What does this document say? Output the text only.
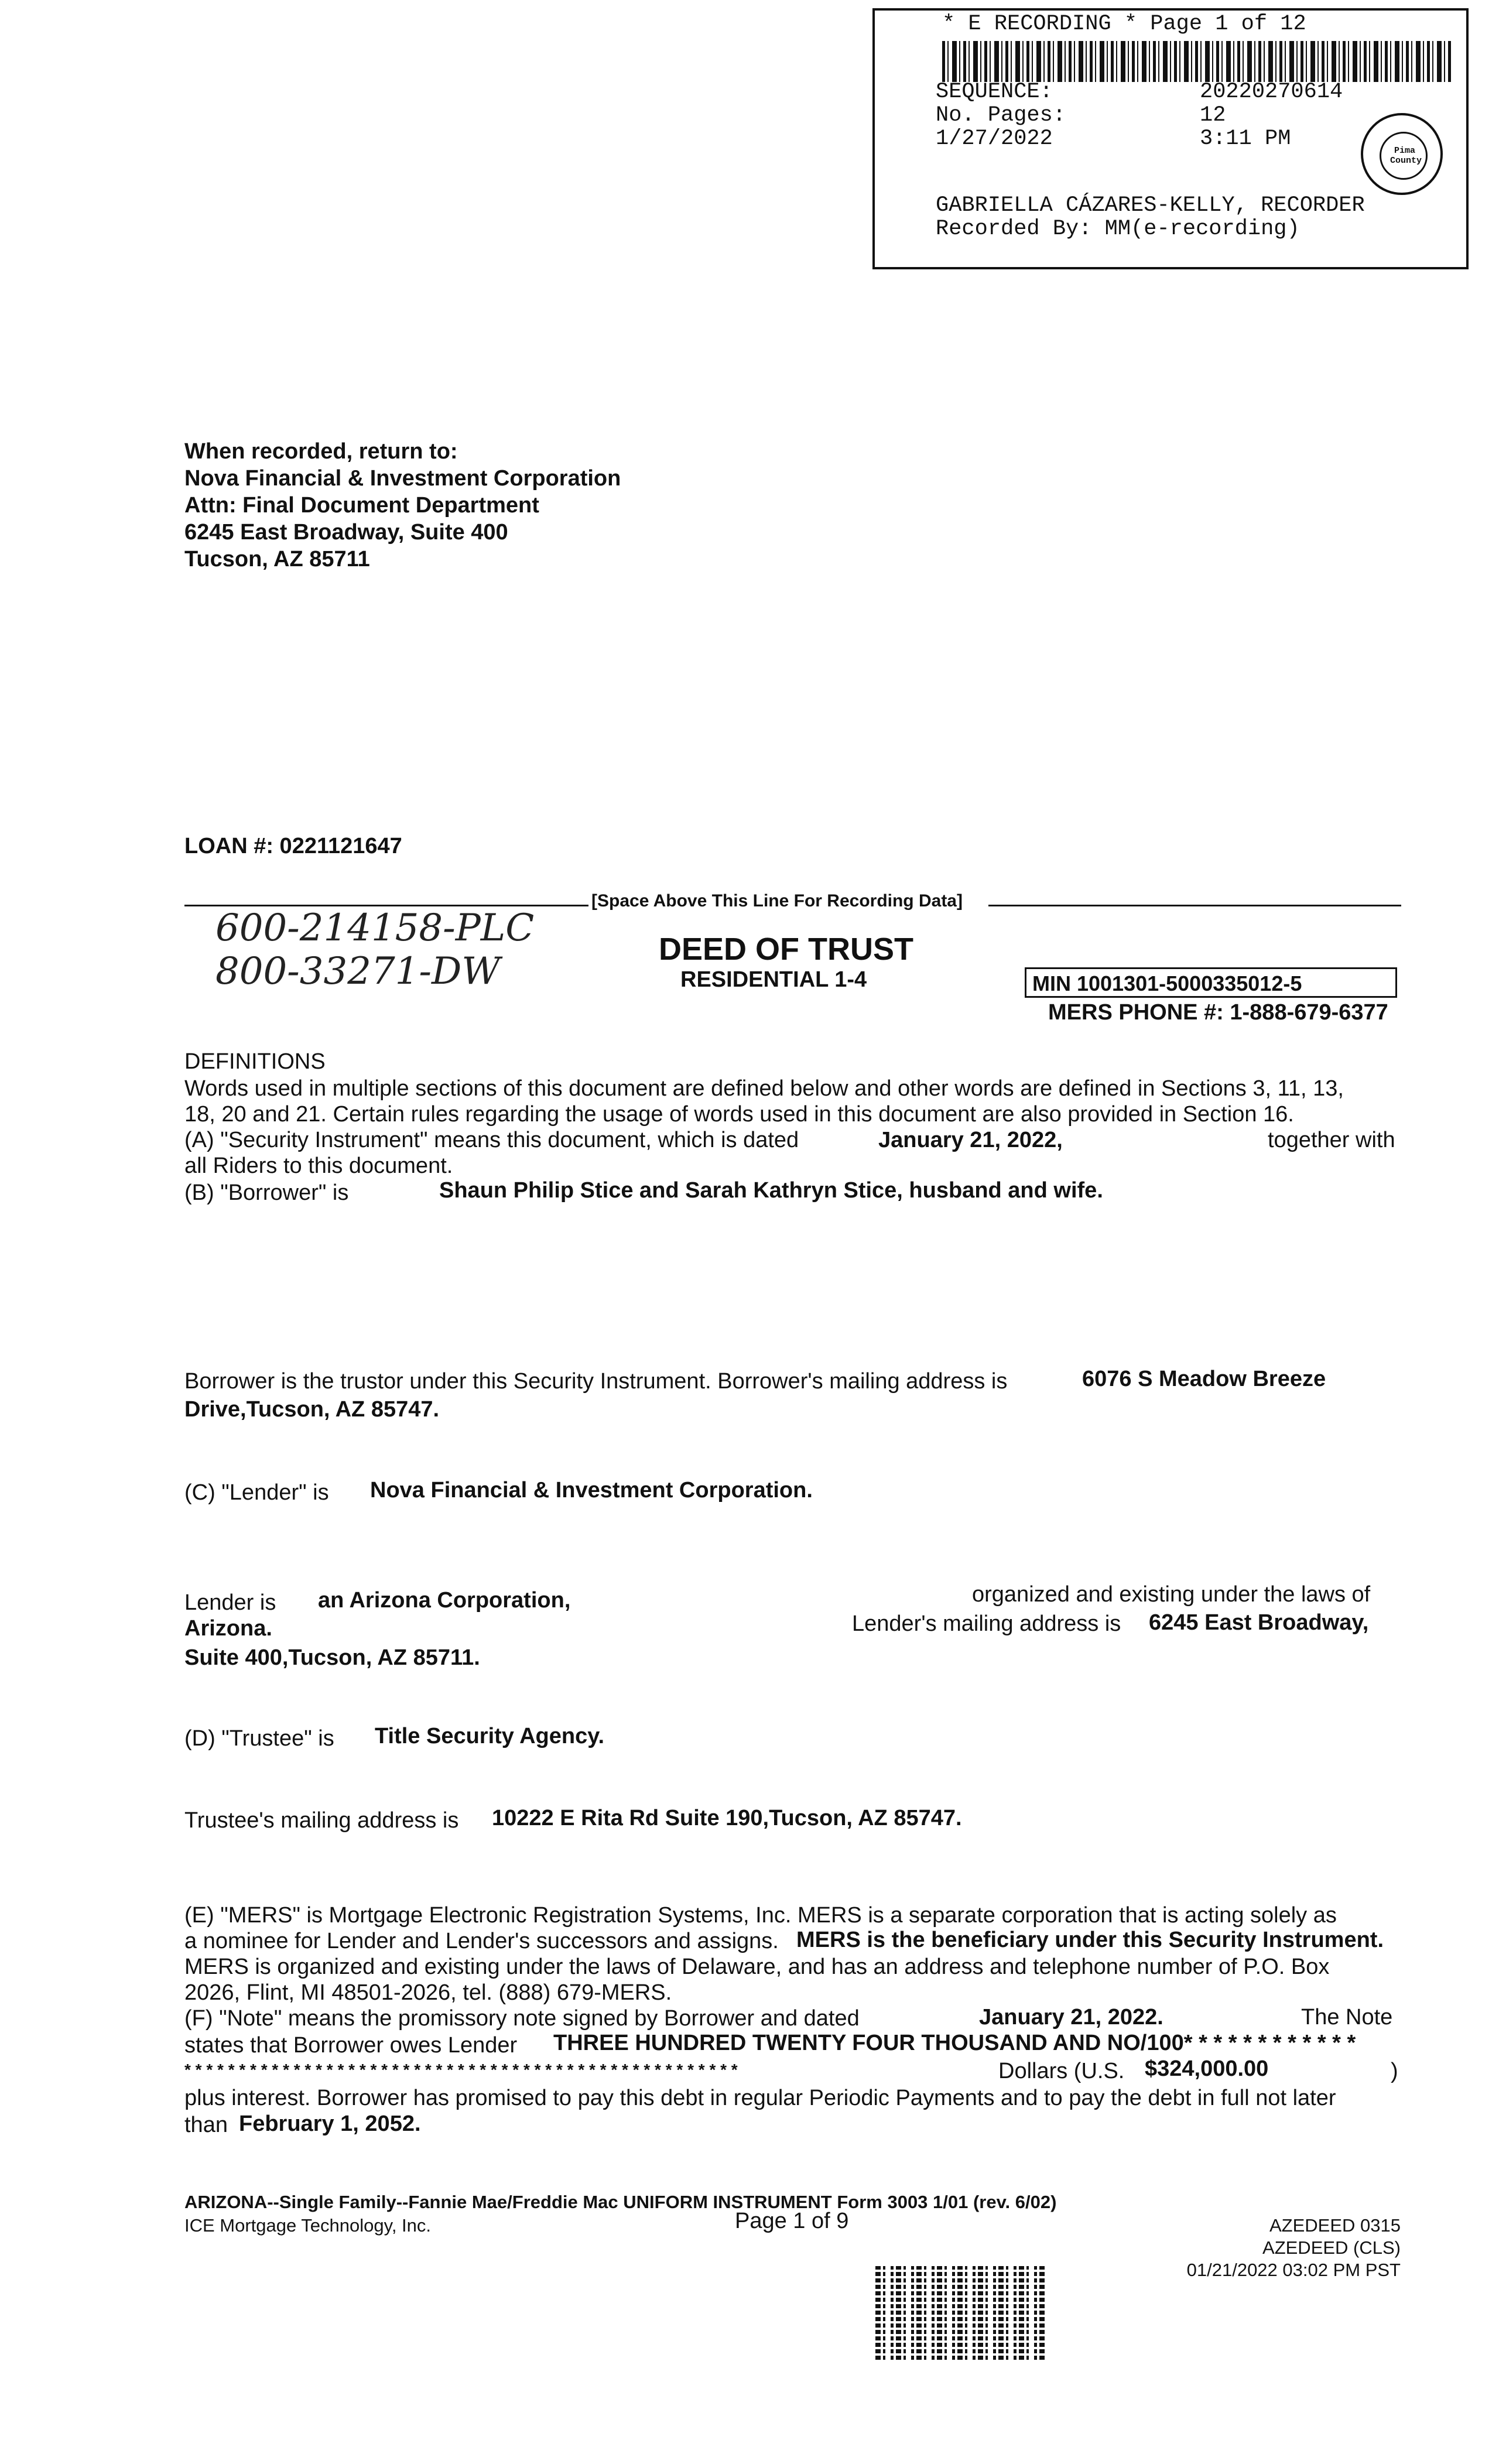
* E RECORDING * Page 1 of 12
SEQUENCE:	20220270614
No. Pages:	12
1/27/2022	3:11 PM	Pima County
GABRIELLA CÁZARES-KELLY, RECORDER
Recorded By: MM(e-recording)
When recorded, return to:
Nova Financial & Investment Corporation
Attn: Final Document Department
6245 East Broadway, Suite 400
Tucson, AZ 85711
LOAN #: 0221121647
[Space Above This Line For Recording Data]
600-214158-PLC
800-33271-DW
DEED OF TRUST
RESIDENTIAL 1-4	MIN 1001301-5000335012-5
MERS PHONE #: 1-888-679-6377
DEFINITIONS
Words used in multiple sections of this document are defined below and other words are defined in Sections 3, 11, 13,
18, 20 and 21. Certain rules regarding the usage of words used in this document are also provided in Section 16.
(A) "Security Instrument" means this document, which is dated	January 21, 2022,	together with
all Riders to this document.
(B) "Borrower" is	Shaun Philip Stice and Sarah Kathryn Stice, husband and wife.
Borrower is the trustor under this Security Instrument. Borrower's mailing address is	6076 S Meadow Breeze
Drive,Tucson, AZ 85747.
(C) "Lender" is Nova Financial & Investment Corporation.
Lender is an Arizona Corporation,	organized and existing under the laws of
Arizona.	Lender's mailing address is 6245 East Broadway,
Suite 400,Tucson, AZ 85711.
(D) "Trustee" is Title Security Agency.
Trustee's mailing address is 10222 E Rita Rd Suite 190,Tucson, AZ 85747.
(E) "MERS" is Mortgage Electronic Registration Systems, Inc. MERS is a separate corporation that is acting solely as
a nominee for Lender and Lender's successors and assigns. MERS is the beneficiary under this Security Instrument.
MERS is organized and existing under the laws of Delaware, and has an address and telephone number of P.O. Box
2026, Flint, MI 48501-2026, tel. (888) 679-MERS.
(F) "Note" means the promissory note signed by Borrower and dated	January 21, 2022.	The Note
states that Borrower owes Lender THREE HUNDRED TWENTY FOUR THOUSAND AND NO/100* * * * * * * * * * * *
* * * * * * * * * * * * * * * * * * * * * * * * * * * * * * * * * * * * * * * * * * * * * * * * * * *	Dollars (U.S. $324,000.00	)
plus interest. Borrower has promised to pay this debt in regular Periodic Payments and to pay the debt in full not later
than February 1, 2052.
ARIZONA--Single Family--Fannie Mae/Freddie Mac UNIFORM INSTRUMENT Form 3003 1/01 (rev. 6/02)
ICE Mortgage Technology, Inc.	Page 1 of 9	AZEDEED 0315
AZEDEED (CLS)
01/21/2022 03:02 PM PST
